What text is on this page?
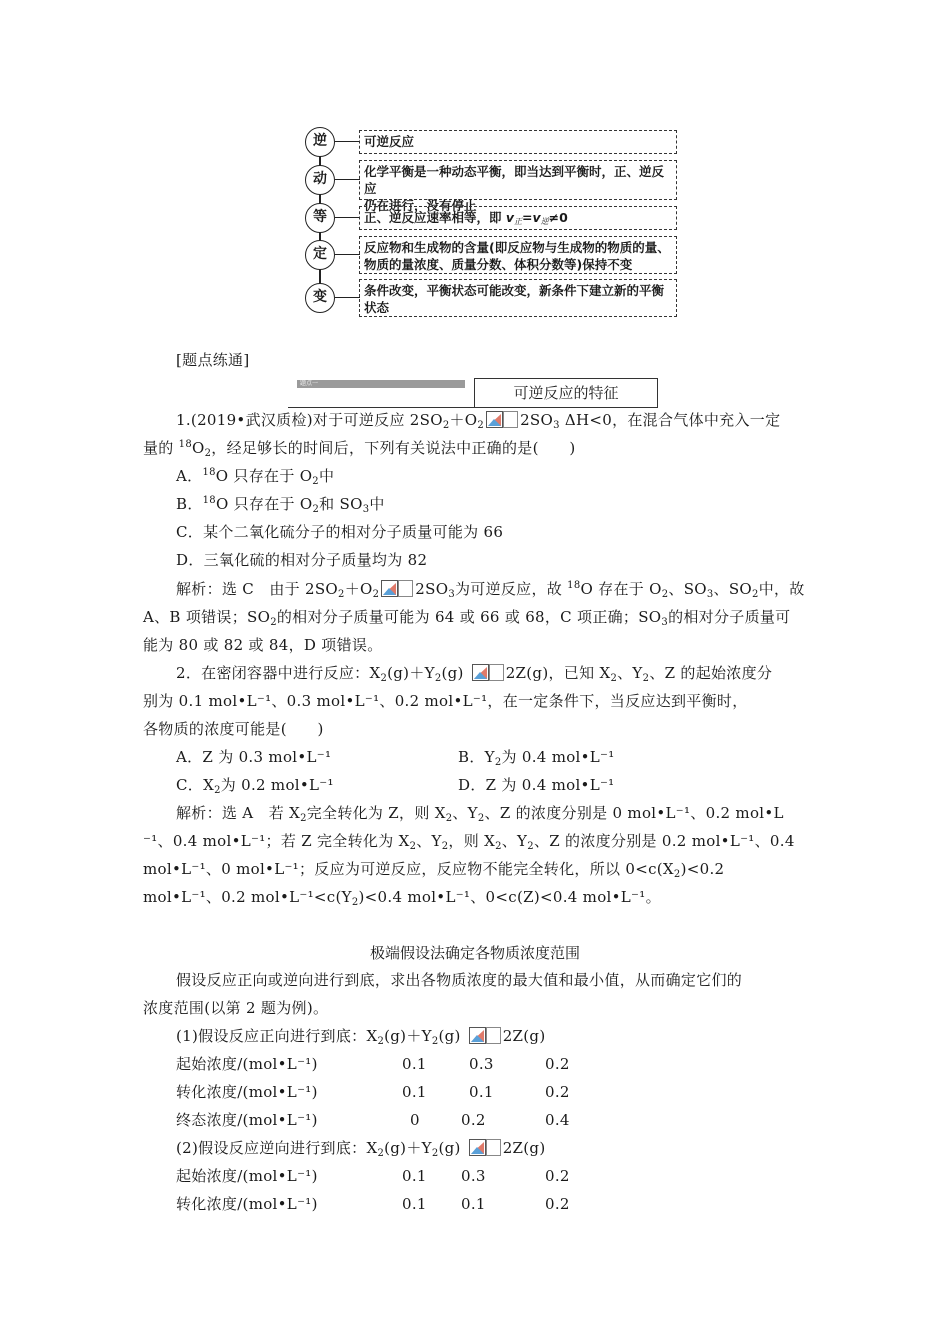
逆	可逆反应
动	化学平衡是一种动态平衡，即当达到平衡时，正、逆反应
仍在进行，没有停止
等	正、逆反应速率相等，即 v正=v逆≠0
定	反应物和生成物的含量(即反应物与生成物的物质的量、
物质的量浓度、质量分数、体积分数等)保持不变
变	条件改变，平衡状态可能改变，新条件下建立新的平衡
状态
[题点练通]
题点一
可逆反应的特征
1.(2019•武汉质检)对于可逆反应 $2SO_2+O_2$ $2SO_3$ ΔH<0，在混合气体中充入一定
量的 $^{18}O_2$，经足够长的时间后，下列有关说法中正确的是(　　)
A．$^{18}$O 只存在于 $O_2$中
B．$^{18}$O 只存在于 $O_2$和 $SO_3$中
C．某个二氧化硫分子的相对分子质量可能为 66
D．三氧化硫的相对分子质量均为 82
解析：选 C　由于 $2SO_2+O_2$ $2SO_3$为可逆反应，故 $^{18}$O 存在于 $O_2$、$SO_3$、$SO_2$中，故
A、B 项错误；$SO_2$的相对分子质量可能为 64 或 66 或 68，C 项正确；$SO_3$的相对分子质量可
能为 80 或 82 或 84，D 项错误。
2．在密闭容器中进行反应：$X_2(g)+Y_2(g)$	2Z(g)，已知 $X_2$、$Y_2$、Z 的起始浓度分
别为 0.1 mol•L⁻¹、0.3 mol•L⁻¹、0.2 mol•L⁻¹，在一定条件下，当反应达到平衡时，
各物质的浓度可能是(　　)
A．Z 为 0.3 mol•L⁻¹	B．$Y_2$为 0.4 mol•L⁻¹
C．$X_2$为 0.2 mol•L⁻¹	D．Z 为 0.4 mol•L⁻¹
解析：选 A　若 $X_2$完全转化为 Z，则 $X_2$、$Y_2$、Z 的浓度分别是 0 mol•L⁻¹、0.2 mol•L
⁻¹、0.4 mol•L⁻¹；若 Z 完全转化为 $X_2$、$Y_2$，则 $X_2$、$Y_2$、Z 的浓度分别是 0.2 mol•L⁻¹、0.4
mol•L⁻¹、0 mol•L⁻¹；反应为可逆反应，反应物不能完全转化，所以 $0<c(X_2)<0.2$
mol•L⁻¹、0.2 $mol•L^{-1}<c(Y_2)<0.4$ mol•L⁻¹、0<c(Z)<0.4 mol•L⁻¹。
极端假设法确定各物质浓度范围
假设反应正向或逆向进行到底，求出各物质浓度的最大值和最小值，从而确定它们的
浓度范围(以第 2 题为例)。
(1)假设反应正向进行到底：$X_2(g)+Y_2(g)$	2Z(g)
起始浓度/(mol•L⁻¹)	0.1	0.3	0.2
转化浓度/(mol•L⁻¹)	0.1	0.1	0.2
终态浓度/(mol•L⁻¹)	0	0.2	0.4
(2)假设反应逆向进行到底：$X_2(g)+Y_2(g)$	2Z(g)
起始浓度/(mol•L⁻¹)	0.1 0.3	0.2
转化浓度/(mol•L⁻¹)	0.1 0.1	0.2
